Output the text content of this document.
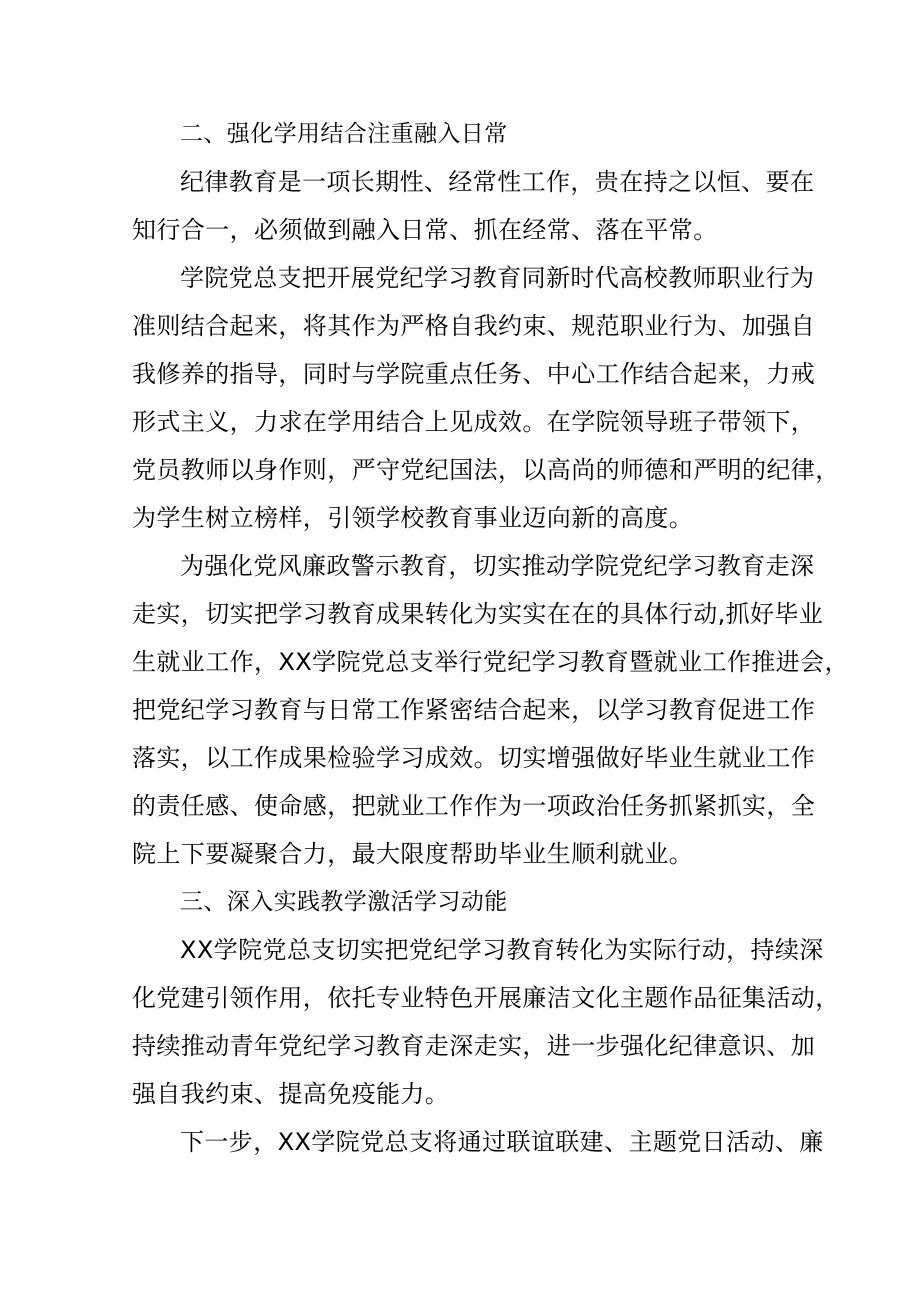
二、强化学用结合注重融入日常
纪律教育是一项长期性、经常性工作，贵在持之以恒、要在
知行合一，必须做到融入日常、抓在经常、落在平常。
学院党总支把开展党纪学习教育同新时代高校教师职业行为
准则结合起来，将其作为严格自我约束、规范职业行为、加强自
我修养的指导，同时与学院重点任务、中心工作结合起来，力戒
形式主义，力求在学用结合上见成效。在学院领导班子带领下，
党员教师以身作则，严守党纪国法，以高尚的师德和严明的纪律，
为学生树立榜样，引领学校教育事业迈向新的高度。
为强化党风廉政警示教育，切实推动学院党纪学习教育走深
走实，切实把学习教育成果转化为实实在在的具体行动,抓好毕业
生就业工作，XX学院党总支举行党纪学习教育暨就业工作推进会，
把党纪学习教育与日常工作紧密结合起来，以学习教育促进工作
落实，以工作成果检验学习成效。切实增强做好毕业生就业工作
的责任感、使命感，把就业工作作为一项政治任务抓紧抓实，全
院上下要凝聚合力，最大限度帮助毕业生顺利就业。
三、深入实践教学激活学习动能
XX学院党总支切实把党纪学习教育转化为实际行动，持续深
化党建引领作用，依托专业特色开展廉洁文化主题作品征集活动，
持续推动青年党纪学习教育走深走实，进一步强化纪律意识、加
强自我约束、提高免疫能力。
下一步，XX学院党总支将通过联谊联建、主题党日活动、廉
